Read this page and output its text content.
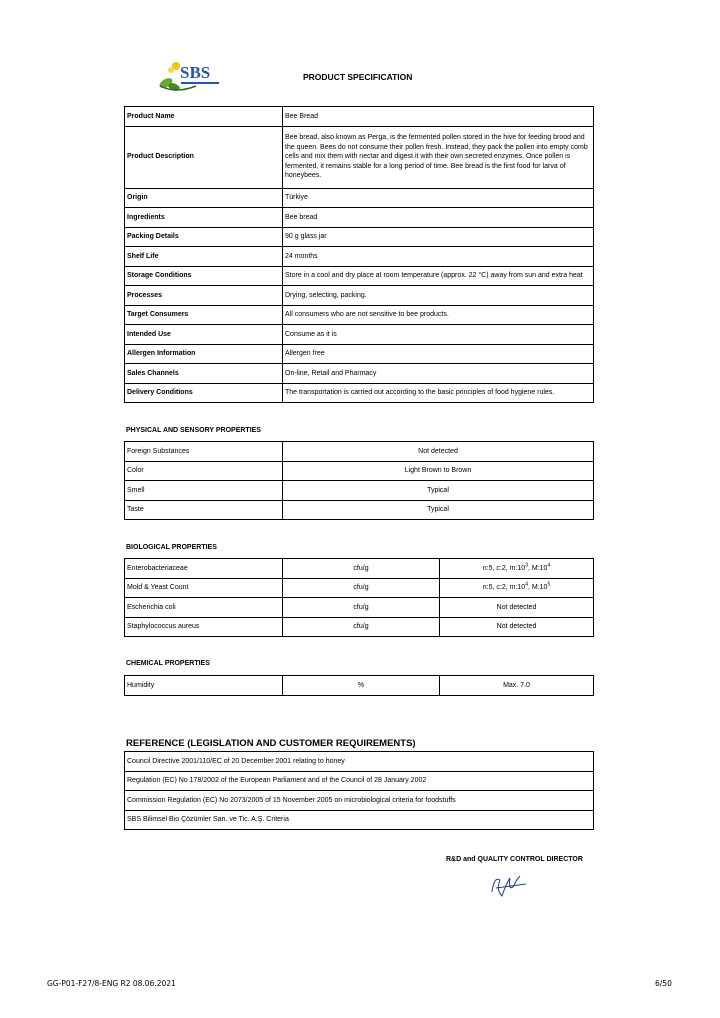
SBS	PRODUCT SPECIFICATION
Product Name	Bee Bread
Product Description	Bee bread, also known as Perga, is the fermented pollen stored in the hive for feeding brood and the queen. Bees do not consume their pollen fresh. Instead, they pack the pollen into empty comb cells and mix them with nectar and digest it with their own secreted enzymes. Once pollen is fermented, it remains stable for a long period of time. Bee bread is the first food for larva of honeybees.
Origin	Türkiye
Ingredients	Bee bread
Packing Details	90 g glass jar
Shelf Life	24 months
Storage Conditions	Store in a cool and dry place at room temperature (approx. 22 °C) away from sun and extra heat
Processes	Drying, selecting, packing.
Target Consumers	All consumers who are not sensitive to bee products.
Intended Use	Consume as it is
Allergen Information	Allergen free
Sales Channels	On-line, Retail and Pharmacy
Delivery Conditions	The transportation is carried out according to the basic principles of food hygiene rules.
PHYSICAL AND SENSORY PROPERTIES
Foreign Substances	Not detected
Color	Light Brown to Brown
Smell	Typical
Taste	Typical
BIOLOGICAL PROPERTIES
Enterobacteriaceae	cfu/g	n:5, c:2, $m:10^3$, $M:10^4$
Mold & Yeast Count	cfu/g	n:5, c:2, $m:10^4$, $M:10^5$
Escherichia coli	cfu/g	Not detected
Staphylococcus aureus	cfu/g	Not detected
CHEMICAL PROPERTIES
Humidity	%	Max. 7.0
REFERENCE (LEGISLATION AND CUSTOMER REQUIREMENTS)
Council Directive 2001/110/EC of 20 December 2001 relating to honey
Regulation (EC) No 178/2002 of the European Parliament and of the Council of 28 January 2002
Commission Regulation (EC) No 2073/2005 of 15 November 2005 on microbiological criteria for foodstuffs
SBS Bilimsel Bio Çözümler San. ve Tic. A.Ş. Criteria
R&D and QUALITY CONTROL DIRECTOR
GG-P01-F27/8-ENG R2 08.06.2021	6/50
